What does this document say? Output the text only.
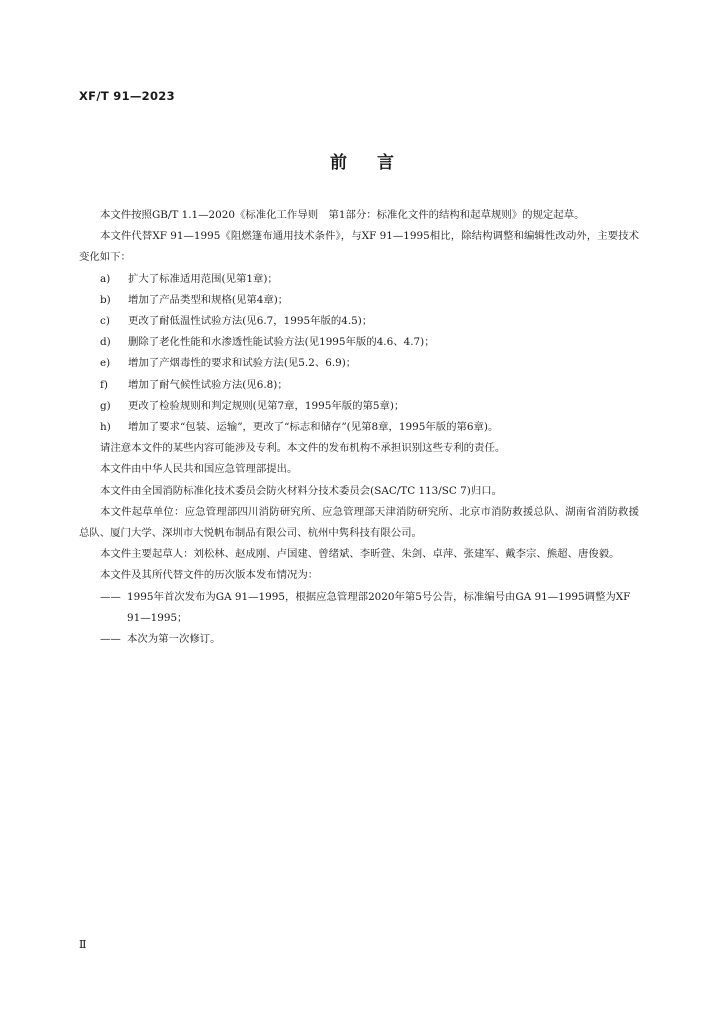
XF/T 91—2023
前言

本文件按照GB/T 1.1—2020《标准化工作导则　第1部分：标准化文件的结构和起草规则》的规定起草。

本文件代替XF 91—1995《阻燃篷布通用技术条件》，与XF 91—1995相比，除结构调整和编辑性改动外，主要技术变化如下：

a)	扩大了标准适用范围(见第1章)；
b)	增加了产品类型和规格(见第4章)；
c)	更改了耐低温性试验方法(见6.7，1995年版的4.5)；
d)	删除了老化性能和水渗透性能试验方法(见1995年版的4.6、4.7)；
e)	增加了产烟毒性的要求和试验方法(见5.2、6.9)；
f)	增加了耐气候性试验方法(见6.8)；
g)	更改了检验规则和判定规则(见第7章，1995年版的第5章)；
h)	增加了要求“包装、运输”，更改了“标志和储存”(见第8章，1995年版的第6章)。

请注意本文件的某些内容可能涉及专利。本文件的发布机构不承担识别这些专利的责任。

本文件由中华人民共和国应急管理部提出。

本文件由全国消防标准化技术委员会防火材料分技术委员会(SAC/TC 113/SC 7)归口。

本文件起草单位：应急管理部四川消防研究所、应急管理部天津消防研究所、北京市消防救援总队、湖南省消防救援总队、厦门大学、深圳市大悦帆布制品有限公司、杭州中隽科技有限公司。

本文件主要起草人：刘松林、赵成刚、卢国建、曾绪斌、李昕萱、朱剑、卓萍、张建军、戴李宗、熊超、唐俊毅。

本文件及其所代替文件的历次版本发布情况为：

—— 1995年首次发布为GA 91—1995，根据应急管理部2020年第5号公告，标准编号由GA 91—1995调整为XF 91—1995；
—— 本次为第一次修订。
Ⅱ
